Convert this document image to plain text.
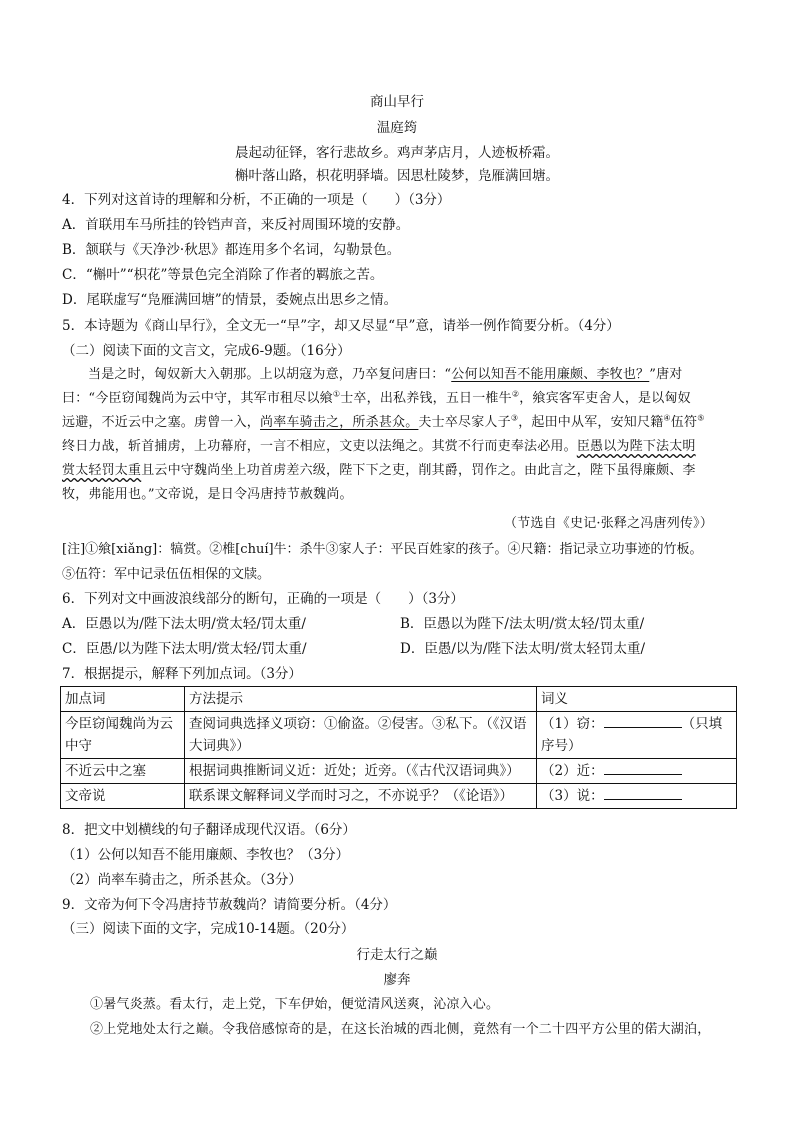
商山早行
温庭筠
晨起动征铎，客行悲故乡。鸡声茅店月，人迹板桥霜。
槲叶落山路，枳花明驿墙。因思杜陵梦，凫雁满回塘。
4．下列对这首诗的理解和分析，不正确的一项是（　　）（3分）
A．首联用车马所挂的铃铛声音，来反衬周围环境的安静。
B．颔联与《天净沙·秋思》都连用多个名词，勾勒景色。
C．“槲叶”“枳花”等景色完全消除了作者的羁旅之苦。
D．尾联虚写“凫雁满回塘”的情景，委婉点出思乡之情。
5．本诗题为《商山早行》，全文无一“早”字，却又尽显“早”意，请举一例作简要分析。（4分）
（二）阅读下面的文言文，完成6-9题。（16分）
当是之时，匈奴新大入朝那。上以胡寇为意，乃卒复问唐曰：“公何以知吾不能用廉颇、李牧也？”唐对
曰：“今臣窃闻魏尚为云中守，其军市租尽以飨①士卒，出私养钱，五日一椎牛②，飨宾客军吏舍人，是以匈奴
远避，不近云中之塞。虏曾一入，尚率车骑击之，所杀甚众。夫士卒尽家人子③，起田中从军，安知尺籍④伍符⑤
终日力战，斩首捕虏，上功幕府，一言不相应，文吏以法绳之。其赏不行而吏奉法必用。臣愚以为陛下法太明
赏太轻罚太重且云中守魏尚坐上功首虏差六级，陛下下之吏，削其爵，罚作之。由此言之，陛下虽得廉颇、李
牧，弗能用也。”文帝说，是日令冯唐持节赦魏尚。
（节选自《史记·张释之冯唐列传》）
[注]①飨[xiǎng]：犒赏。②椎[chuí]牛：杀牛③家人子：平民百姓家的孩子。④尺籍：指记录立功事迹的竹板。
⑤伍符：军中记录伍伍相保的文牍。
6．下列对文中画波浪线部分的断句，正确的一项是（　　）（3分）
A．臣愚以为/陛下法太明/赏太轻/罚太重/	B．臣愚以为陛下/法太明/赏太轻/罚太重/
C．臣愚/以为陛下法太明/赏太轻/罚太重/	D．臣愚/以为/陛下法太明/赏太轻罚太重/
7．根据提示，解释下列加点词。（3分）
加点词	方法提示	词义
今臣窃闻魏尚为云中守	查阅词典选择义项窃：①偷盗。②侵害。③私下。（《汉语大词典》）	（1）窃： （只填序号）
不近云中之塞	根据词典推断词义近：近处；近旁。（《古代汉语词典》）	（2）近：
文帝说	联系课文解释词义学而时习之，不亦说乎？（《论语》）	（3）说：
8．把文中划横线的句子翻译成现代汉语。（6分）
（1）公何以知吾不能用廉颇、李牧也？（3分）
（2）尚率车骑击之，所杀甚众。（3分）
9．文帝为何下令冯唐持节赦魏尚？请简要分析。（4分）
（三）阅读下面的文字，完成10-14题。（20分）
行走太行之巅
廖奔
①暑气炎蒸。看太行，走上党，下车伊始，便觉清风送爽，沁凉入心。
②上党地处太行之巅。令我倍感惊奇的是，在这长治城的西北侧，竟然有一个二十四平方公里的偌大湖泊，
